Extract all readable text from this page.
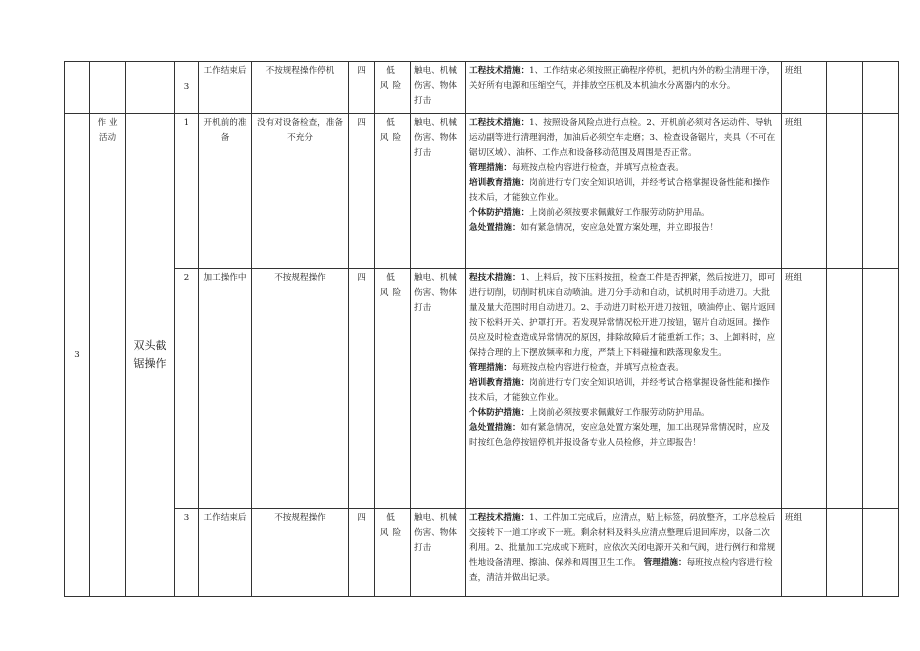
			3	工作结束后	不按规程操作停机	四	低 风险	触电、机械伤害、物体打击	工程技术措施：1、工作结束必须按照正确程序停机，把机内外的粉尘清理干净，关好所有电源和压缩空气，并排放空压机及本机油水分离器内的水分。	班组		
3	作 业 活动	双头截锯操作	1	开机前的准备	没有对设备检查，准备不充分	四	低 风险	触电、机械伤害、物体打击	工程技术措施：1、按照设备风险点进行点检。2、开机前必须对各运动件、导轨运动副等进行清理润滑，加油后必须空车走磨；3、检查设备锯片，夹具（不可在锯切区域）、油杯、工作点和设备移动范围及周围是否正常。

管理措施：每班按点检内容进行检查，并填写点检查表。

培训教育措施：岗前进行专门安全知识培训，并经考试合格掌握设备性能和操作技术后，才能独立作业。

个体防护措施：上岗前必须按要求佩戴好工作服劳动防护用品。

急处置措施：如有紧急情况，安应急处置方案处理，并立即报告！	班组		
			2	加工操作中	不按规程操作	四	低 风险	触电、机械伤害、物体打击	程技术措施：1、上料后，按下压料按扭，检查工件是否押紧，然后按进刀，即可进行切削，切削时机床自动喷油。进刀分手动和自动，试机时用手动进刀。大批量及量大范围时用自动进刀。2、手动进刀时松开进刀按钮，喷油停止、锯片返回按下松料开关、护罩打开。若发现异常情况松开进刀按钮，锯片自动返回。操作员应及时检查造成异常情况的原因，排除故障后才能重新工作；3、上卸料时，应保持合理的上下摆放频率和力度，严禁上下料碰撞和跌落现象发生。

管理措施：每班按点检内容进行检查，并填写点检查表。

培训教育措施：岗前进行专门安全知识培训，并经考试合格掌握设备性能和操作技术后，才能独立作业。

个体防护措施：上岗前必须按要求佩戴好工作服劳动防护用品。

急处置措施：如有紧急情况，安应急处置方案处理，加工出现异常情况时，应及时按红色急停按钮停机并报设备专业人员检修，并立即报告！	班组		
			3	工作结束后	不按规程操作	四	低 风险	触电、机械伤害、物体打击	工程技术措施：1、工件加工完成后，应清点，贴上标签，码放整齐，工序总检后交接转下一道工序或下一班。剩余材料及料头应清点整理后退回库房，以备二次利用。2、批量加工完成或下班时，应依次关闭电源开关和气阀，进行例行和常规性地设备清理、擦油、保养和周围卫生工作。 管理措施：每班按点检内容进行检查，清洁并做出记录。	班组		
